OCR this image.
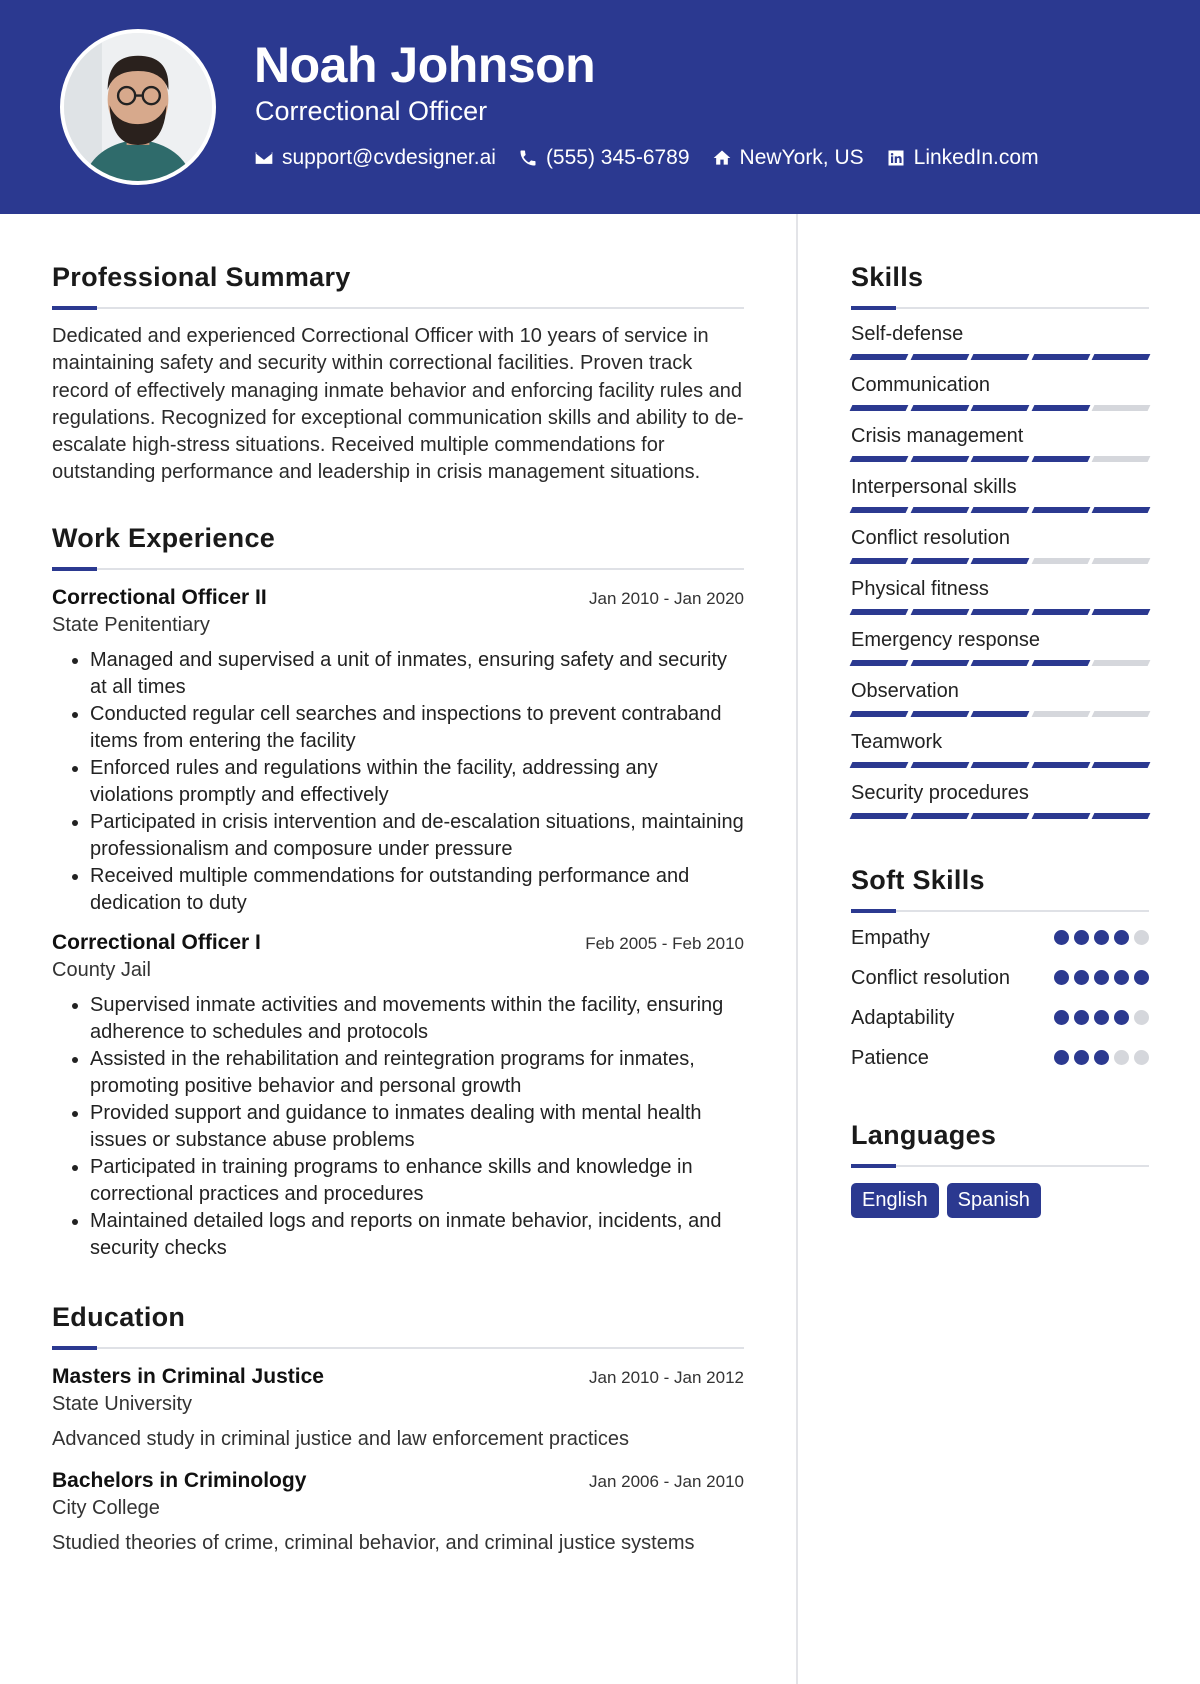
Noah Johnson
Correctional Officer
support@cvdesigner.ai (555) 345-6789 NewYork, US LinkedIn.com
Professional Summary
Dedicated and experienced Correctional Officer with 10 years of service in maintaining safety and security within correctional facilities. Proven track record of effectively managing inmate behavior and enforcing facility rules and regulations. Recognized for exceptional communication skills and ability to de-escalate high-stress situations. Received multiple commendations for outstanding performance and leadership in crisis management situations.
Work Experience
Correctional Officer II	Jan 2010 - Jan 2020
State Penitentiary
• Managed and supervised a unit of inmates, ensuring safety and security at all times
• Conducted regular cell searches and inspections to prevent contraband items from entering the facility
• Enforced rules and regulations within the facility, addressing any violations promptly and effectively
• Participated in crisis intervention and de-escalation situations, maintaining professionalism and composure under pressure
• Received multiple commendations for outstanding performance and dedication to duty
Correctional Officer I	Feb 2005 - Feb 2010
County Jail
• Supervised inmate activities and movements within the facility, ensuring adherence to schedules and protocols
• Assisted in the rehabilitation and reintegration programs for inmates, promoting positive behavior and personal growth
• Provided support and guidance to inmates dealing with mental health issues or substance abuse problems
• Participated in training programs to enhance skills and knowledge in correctional practices and procedures
• Maintained detailed logs and reports on inmate behavior, incidents, and security checks
Education
Masters in Criminal Justice	Jan 2010 - Jan 2012
State University
Advanced study in criminal justice and law enforcement practices
Bachelors in Criminology	Jan 2006 - Jan 2010
City College
Studied theories of crime, criminal behavior, and criminal justice systems
Skills
Self-defense
Communication
Crisis management
Interpersonal skills
Conflict resolution
Physical fitness
Emergency response
Observation
Teamwork
Security procedures
Soft Skills
Empathy
Conflict resolution
Adaptability
Patience
Languages
English	Spanish
